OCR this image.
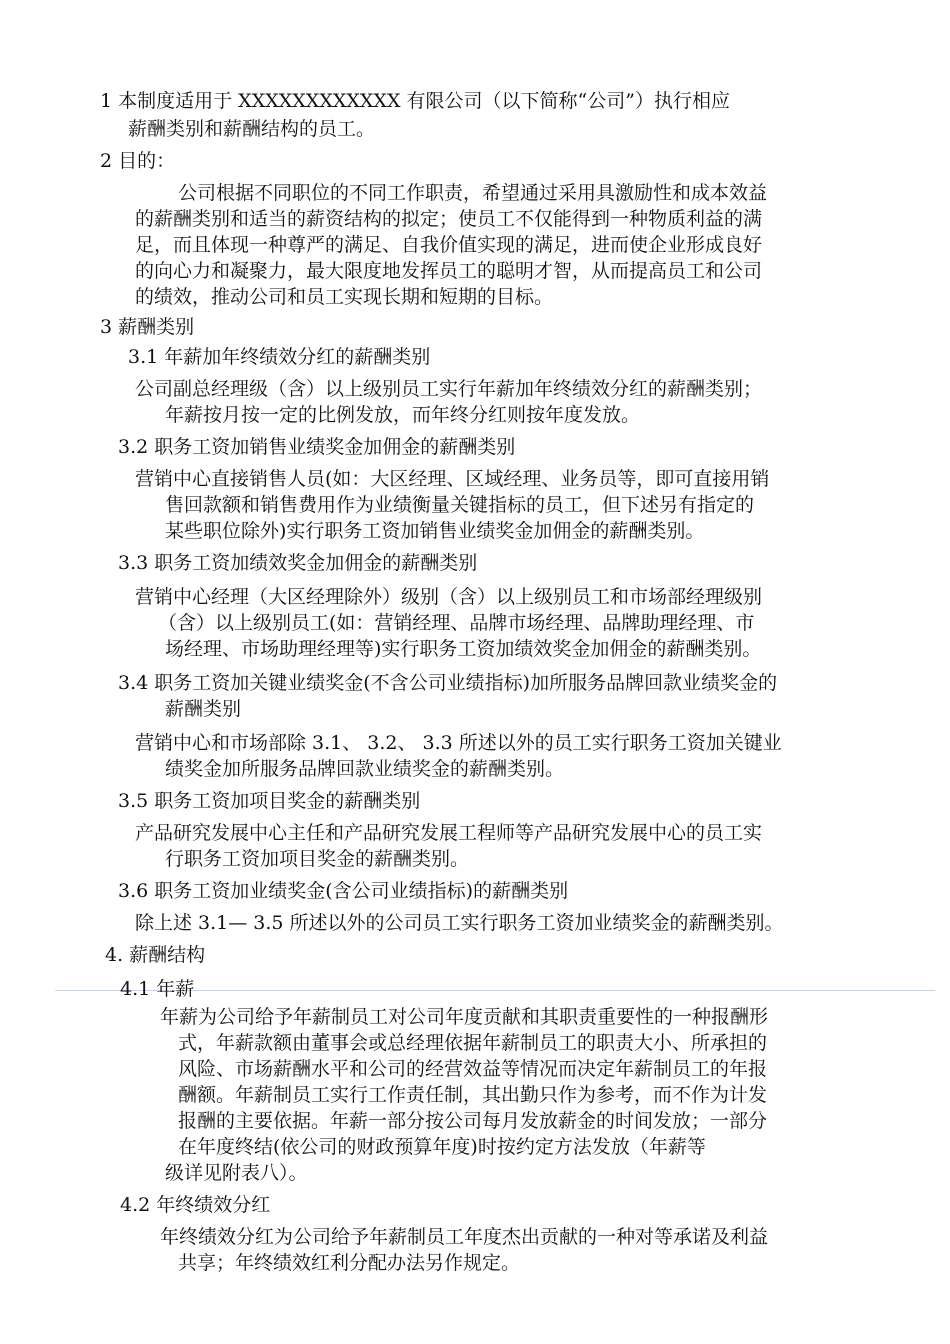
1 本制度适用于 XXXXXXXXXXXX 有限公司（以下简称“公司”）执行相应
薪酬类别和薪酬结构的员工。
2 目的：
公司根据不同职位的不同工作职责，希望通过采用具激励性和成本效益
的薪酬类别和适当的薪资结构的拟定；使员工不仅能得到一种物质利益的满
足，而且体现一种尊严的满足、自我价值实现的满足，进而使企业形成良好
的向心力和凝聚力，最大限度地发挥员工的聪明才智，从而提高员工和公司
的绩效，推动公司和员工实现长期和短期的目标。
3 薪酬类别
3.1 年薪加年终绩效分红的薪酬类别
公司副总经理级（含）以上级别员工实行年薪加年终绩效分红的薪酬类别；
年薪按月按一定的比例发放，而年终分红则按年度发放。
3.2 职务工资加销售业绩奖金加佣金的薪酬类别
营销中心直接销售人员(如：大区经理、区域经理、业务员等，即可直接用销
售回款额和销售费用作为业绩衡量关键指标的员工，但下述另有指定的
某些职位除外)实行职务工资加销售业绩奖金加佣金的薪酬类别。
3.3 职务工资加绩效奖金加佣金的薪酬类别
营销中心经理（大区经理除外）级别（含）以上级别员工和市场部经理级别
（含）以上级别员工(如：营销经理、品牌市场经理、品牌助理经理、市
场经理、市场助理经理等)实行职务工资加绩效奖金加佣金的薪酬类别。
3.4 职务工资加关键业绩奖金(不含公司业绩指标)加所服务品牌回款业绩奖金的
薪酬类别
营销中心和市场部除 3.1、 3.2、 3.3 所述以外的员工实行职务工资加关键业
绩奖金加所服务品牌回款业绩奖金的薪酬类别。
3.5 职务工资加项目奖金的薪酬类别
产品研究发展中心主任和产品研究发展工程师等产品研究发展中心的员工实
行职务工资加项目奖金的薪酬类别。
3.6 职务工资加业绩奖金(含公司业绩指标)的薪酬类别
除上述 3.1— 3.5 所述以外的公司员工实行职务工资加业绩奖金的薪酬类别。
4. 薪酬结构
4.1 年薪
年薪为公司给予年薪制员工对公司年度贡献和其职责重要性的一种报酬形
式，年薪款额由董事会或总经理依据年薪制员工的职责大小、所承担的
风险、市场薪酬水平和公司的经营效益等情况而决定年薪制员工的年报
酬额。年薪制员工实行工作责任制，其出勤只作为参考，而不作为计发
报酬的主要依据。年薪一部分按公司每月发放薪金的时间发放；一部分
在年度终结(依公司的财政预算年度)时按约定方法发放（年薪等
级详见附表八）。
4.2 年终绩效分红
年终绩效分红为公司给予年薪制员工年度杰出贡献的一种对等承诺及利益
共享；年终绩效红利分配办法另作规定。
